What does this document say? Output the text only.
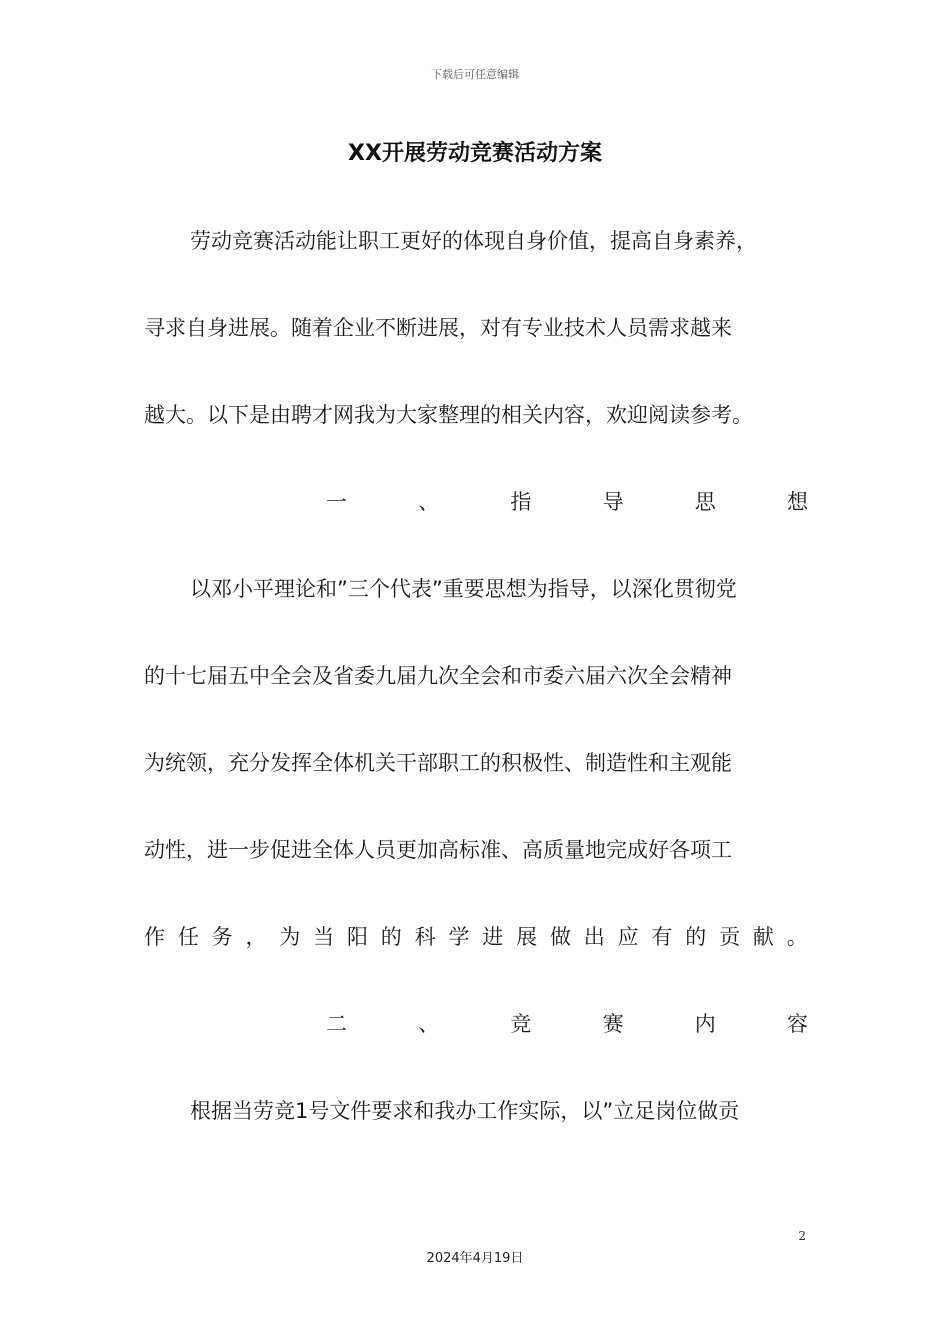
下载后可任意编辑
XX开展劳动竞赛活动方案
劳动竞赛活动能让职工更好的体现自身价值，提高自身素养，
寻求自身进展。随着企业不断进展，对有专业技术人员需求越来
越大。以下是由聘才网我为大家整理的相关内容，欢迎阅读参考。
一	、	指	导	思	想
以邓小平理论和”三个代表”重要思想为指导，以深化贯彻党
的十七届五中全会及省委九届九次全会和市委六届六次全会精神
为统领，充分发挥全体机关干部职工的积极性、制造性和主观能
动性，进一步促进全体人员更加高标准、高质量地完成好各项工
作 任 务 ， 为 当 阳 的 科 学 进 展 做 出 应 有 的 贡 献 。
二	、	竞	赛	内	容
根据当劳竞1号文件要求和我办工作实际，以”立足岗位做贡
2
2024年4月19日
